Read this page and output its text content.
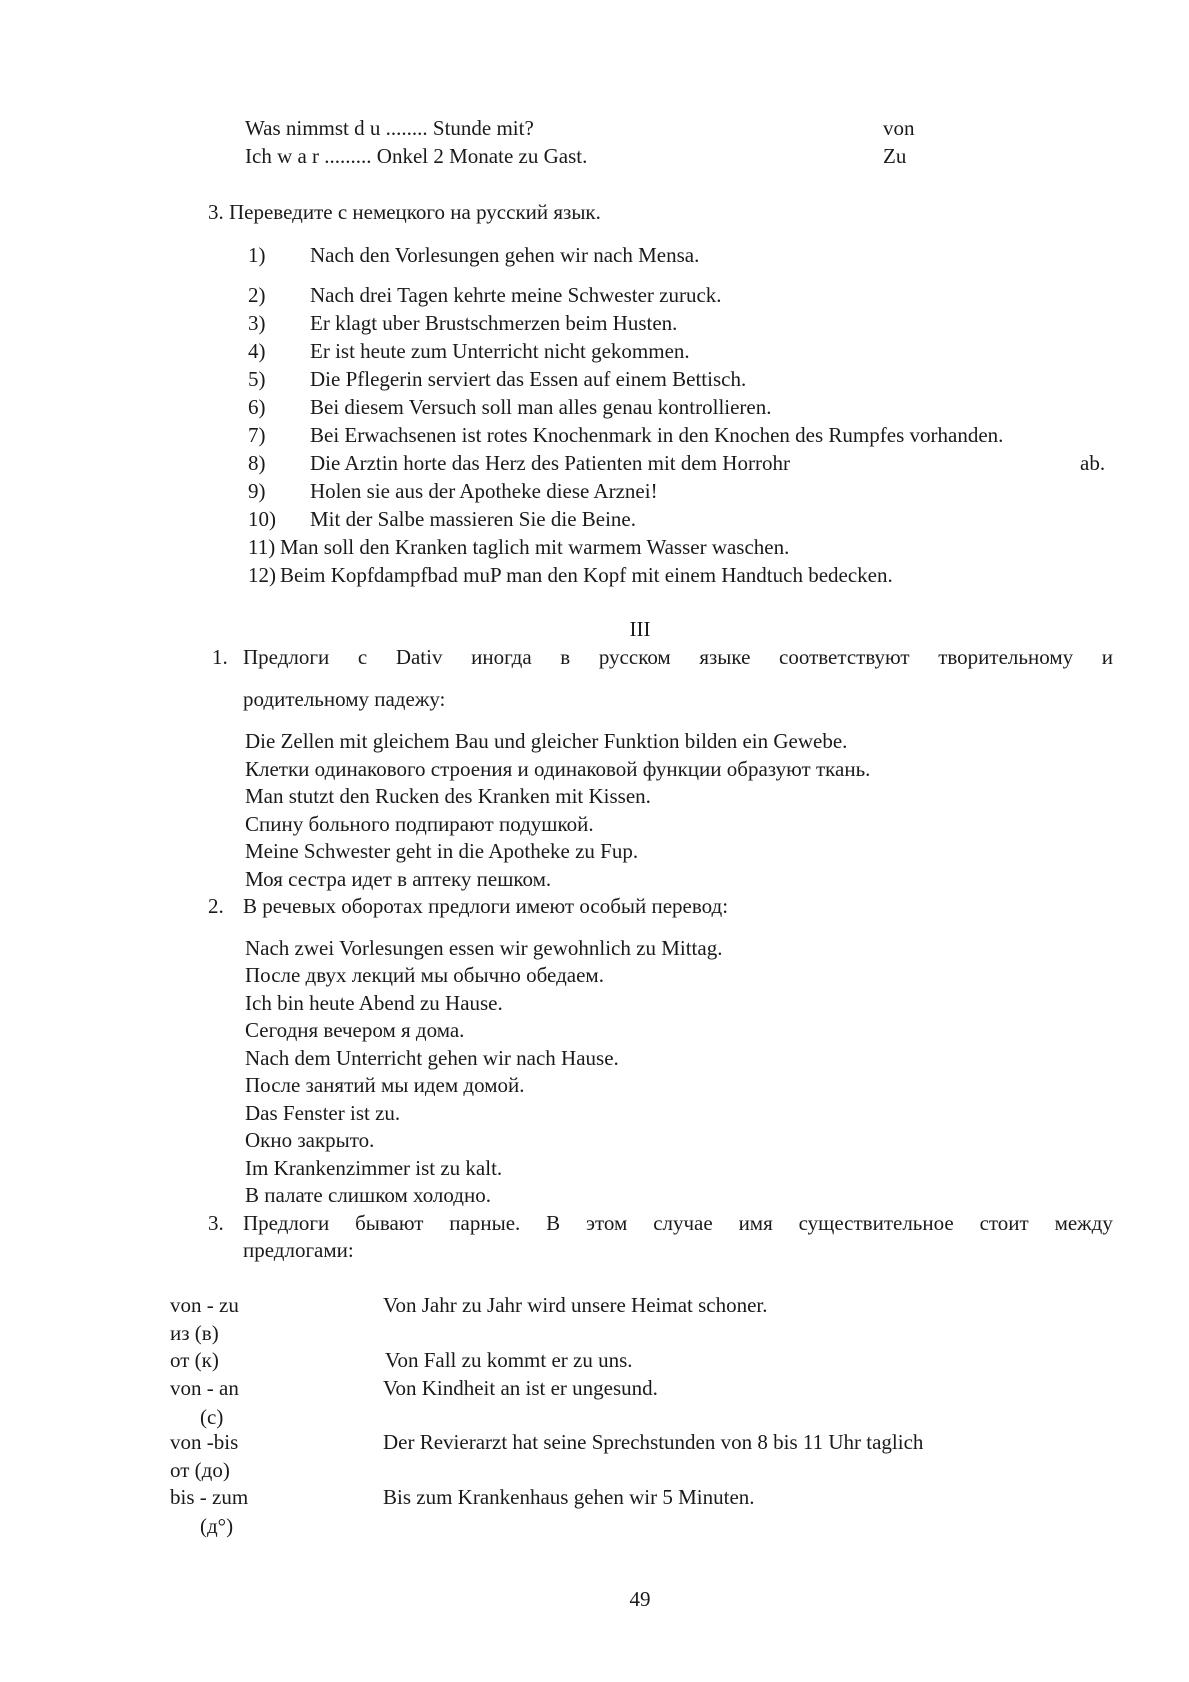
Was nimmst d u ........ Stunde mit?	von
Ich w a r ......... Onkel 2 Monate zu Gast.	Zu
3. Переведите с немецкого на русский язык.
1) Nach den Vorlesungen gehen wir nach Mensa.
2) Nach drei Tagen kehrte meine Schwester zuruck.
3) Er klagt uber Brustschmerzen beim Husten.
4) Er ist heute zum Unterricht nicht gekommen.
5) Die Pflegerin serviert das Essen auf einem Bettisch.
6) Bei diesem Versuch soll man alles genau kontrollieren.
7) Bei Erwachsenen ist rotes Knochenmark in den Knochen des Rumpfes vorhanden.
8) Die Arztin horte das Herz des Patienten mit dem Horrohr	ab.
9) Holen sie aus der Apotheke diese Arznei!
10) Mit der Salbe massieren Sie die Beine.
11) Man soll den Kranken taglich mit warmem Wasser waschen.
12) Beim Kopfdampfbad muP man den Kopf mit einem Handtuch bedecken.
III
1. Предлоги с Dativ иногда в русском языке соответствуют творительному и
родительному падежу:
Die Zellen mit gleichem Bau und gleicher Funktion bilden ein Gewebe.
Клетки одинакового строения и одинаковой функции образуют ткань.
Man stutzt den Rucken des Kranken mit Kissen.
Спину больного подпирают подушкой.
Meine Schwester geht in die Apotheke zu Fup.
Моя сестра идет в аптеку пешком.
2. В речевых оборотах предлоги имеют особый перевод:
Nach zwei Vorlesungen essen wir gewohnlich zu Mittag.
После двух лекций мы обычно обедаем.
Ich bin heute Abend zu Hause.
Сегодня вечером я дома.
Nach dem Unterricht gehen wir nach Hause.
После занятий мы идем домой.
Das Fenster ist zu.
Окно закрыто.
Im Krankenzimmer ist zu kalt.
В палате слишком холодно.
3. Предлоги бывают парные. В этом случае имя существительное стоит между
предлогами:
von - zu	Von Jahr zu Jahr wird unsere Heimat schoner.
из (в)
от (к)	Von Fall zu kommt er zu uns.
von - an	Von Kindheit an ist er ungesund.
(с)
von -bis	Der Revierarzt hat seine Sprechstunden von 8 bis 11 Uhr taglich
от (до)
bis - zum	Bis zum Krankenhaus gehen wir 5 Minuten.
(д°)
49
